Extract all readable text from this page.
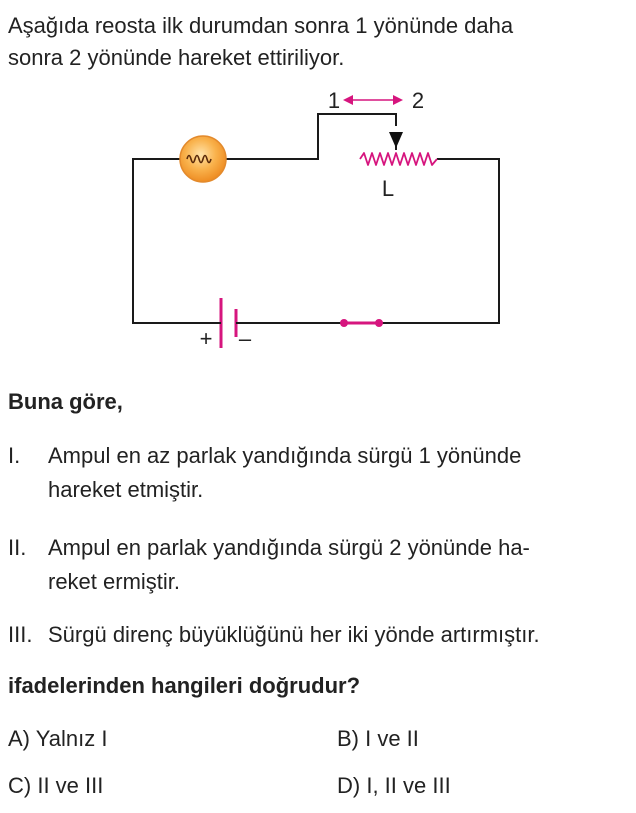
Aşağıda reosta ilk durumdan sonra 1 yönünde daha
sonra 2 yönünde hareket ettiriliyor.

1	2
L
+ –

Buna göre,

I. Ampul en az parlak yandığında sürgü 1 yönünde
hareket etmiştir.
II. Ampul en parlak yandığında sürgü 2 yönünde ha-
reket ermiştir.
III. Sürgü direnç büyüklüğünü her iki yönde artırmıştır.

ifadelerinden hangileri doğrudur?

A) Yalnız I	B) I ve II

C) II ve III	D) I, II ve III
